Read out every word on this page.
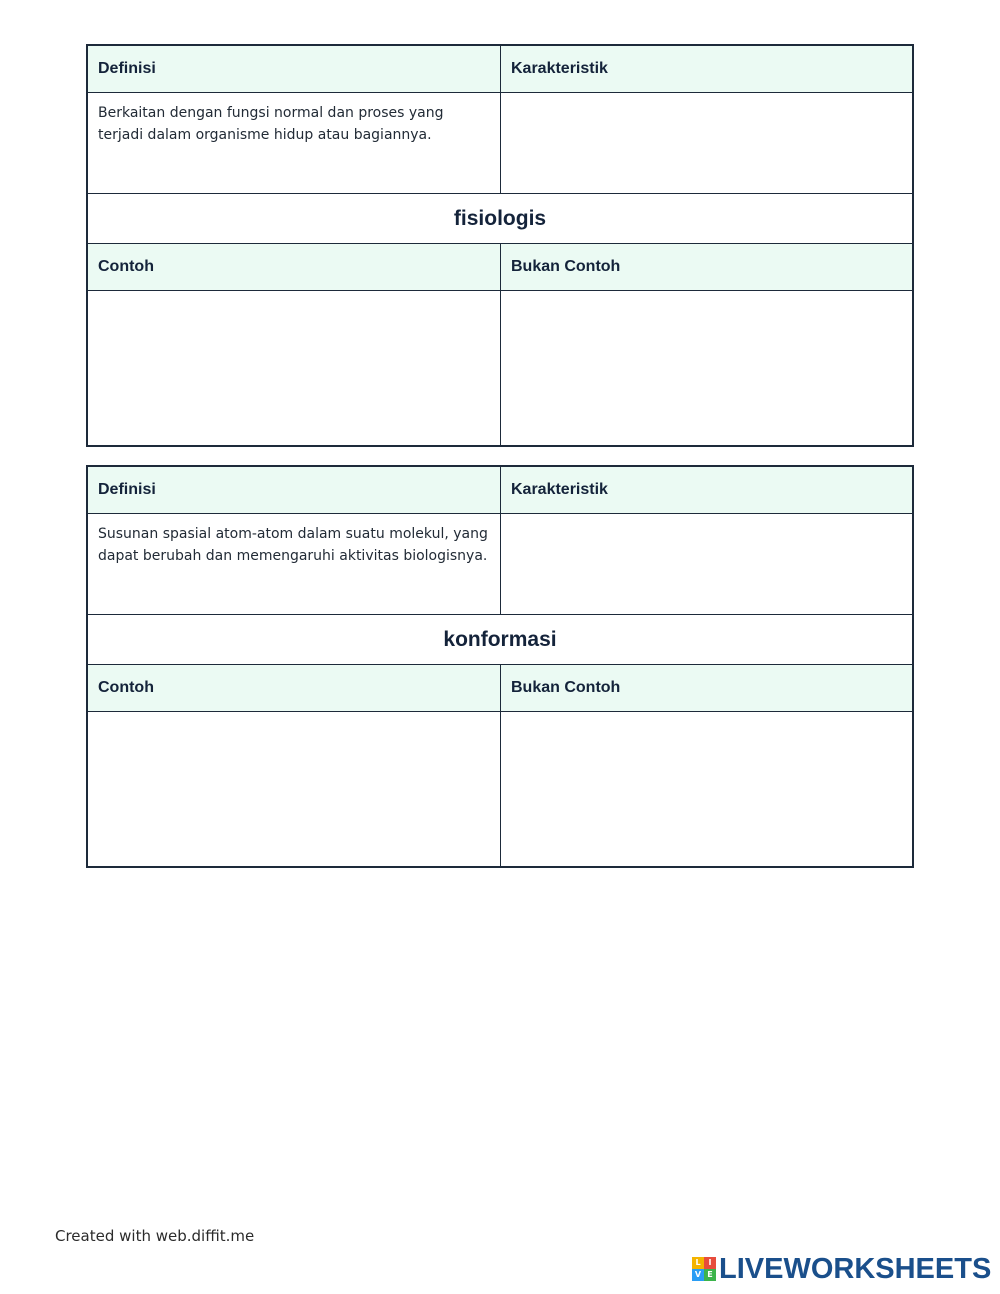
Definisi	Karakteristik
Berkaitan dengan fungsi normal dan proses yang terjadi dalam organisme hidup atau bagiannya.
fisiologis
Contoh	Bukan Contoh
Definisi	Karakteristik
Susunan spasial atom-atom dalam suatu molekul, yang dapat berubah dan memengaruhi aktivitas biologisnya.
konformasi
Contoh	Bukan Contoh
Created with web.diffit.me
L I
V E LIVEWORKSHEETS
